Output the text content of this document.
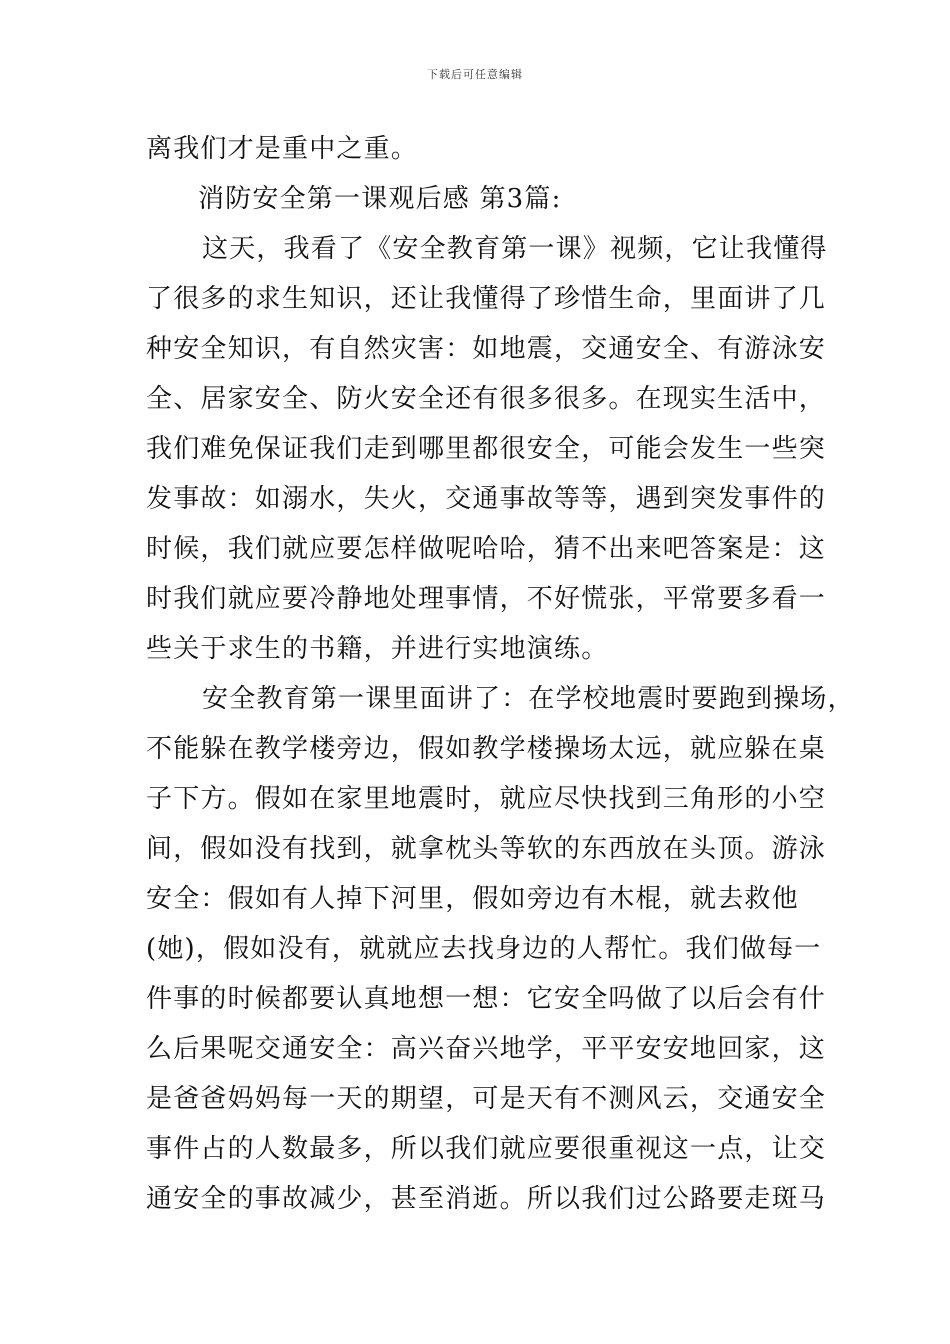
下载后可任意编辑
离我们才是重中之重。
消防安全第一课观后感 第3篇:
这天，我看了《安全教育第一课》视频，它让我懂得
了很多的求生知识，还让我懂得了珍惜生命，里面讲了几
种安全知识，有自然灾害：如地震，交通安全、有游泳安
全、居家安全、防火安全还有很多很多。在现实生活中，
我们难免保证我们走到哪里都很安全，可能会发生一些突
发事故：如溺水，失火，交通事故等等，遇到突发事件的
时候，我们就应要怎样做呢哈哈，猜不出来吧答案是：这
时我们就应要冷静地处理事情，不好慌张，平常要多看一
些关于求生的书籍，并进行实地演练。
安全教育第一课里面讲了：在学校地震时要跑到操场，
不能躲在教学楼旁边，假如教学楼操场太远，就应躲在桌
子下方。假如在家里地震时，就应尽快找到三角形的小空
间，假如没有找到，就拿枕头等软的东西放在头顶。游泳
安全：假如有人掉下河里，假如旁边有木棍，就去救他
(她)，假如没有，就就应去找身边的人帮忙。我们做每一
件事的时候都要认真地想一想：它安全吗做了以后会有什
么后果呢交通安全：高兴奋兴地学，平平安安地回家，这
是爸爸妈妈每一天的期望，可是天有不测风云，交通安全
事件占的人数最多，所以我们就应要很重视这一点，让交
通安全的事故减少，甚至消逝。所以我们过公路要走斑马
